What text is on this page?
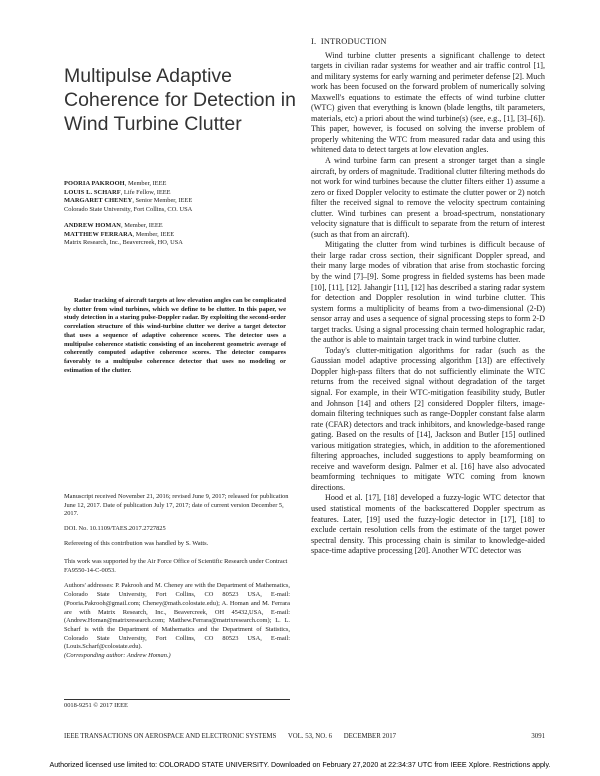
Multipulse Adaptive
Coherence for Detection in
Wind Turbine Clutter
POORIA PAKROOH, Member, IEEE
LOUIS L. SCHARF, Life Fellow, IEEE
MARGARET CHENEY, Senior Member, IEEE
Colorado State University, Fort Collins, CO. USA
ANDREW HOMAN, Member, IEEE
MATTHEW FERRARA, Member, IEEE
Matrix Research, Inc., Beavercreek, HO, USA

Radar tracking of aircraft targets at low elevation angles can be complicated by clutter from wind turbines, which we define to be clutter. In this paper, we study detection in a staring pulse-Doppler radar. By exploiting the second-order correlation structure of this wind-turbine clutter we derive a target detector that uses a sequence of adaptive coherence scores. The detector uses a multipulse coherence statistic consisting of an incoherent geometric average of coherently computed adaptive coherence scores. The detector compares favorably to a multipulse coherence detector that uses no modeling or estimation of the clutter.

Manuscript received November 21, 2016; revised June 9, 2017; released for publication June 12, 2017. Date of publication July 17, 2017; date of current version December 5, 2017.

DOI. No. 10.1109/TAES.2017.2727825

Refereeing of this contribution was handled by S. Watts.

This work was supported by the Air Force Office of Scientific Research under Contract FA9550-14-C-0053.

Authors' addresses: P. Pakrooh and M. Cheney are with the Department of Mathematics, Colorado State University, Fort Collins, CO 80523 USA, E-mail: (Pooria.Pakrooh@gmail.com; Cheney@math.colostate.edu); A. Homan and M. Ferrara are with Matrix Research, Inc., Beavercreek, OH 45432,USA, E-mail: (Andrew.Homan@matrixresearch.com; Matthew.Ferrara@matrixresearch.com); L. L. Scharf is with the Department of Mathematics and the Department of Statistics, Colorado State University, Fort Collins, CO 80523 USA, E-mail: (Louis.Scharf@colostate.edu).

(Corresponding author: Andrew Homan.)

0018-9251 © 2017 IEEE
I. INTRODUCTION

Wind turbine clutter presents a significant challenge to detect targets in civilian radar systems for weather and air traffic control [1], and military systems for early warning and perimeter defense [2]. Much work has been focused on the forward problem of numerically solving Maxwell's equations to estimate the effects of wind turbine clutter (WTC) given that everything is known (blade lengths, tilt parameters, materials, etc) a priori about the wind turbine(s) (see, e.g., [1], [3]–[6]). This paper, however, is focused on solving the inverse problem of properly whitening the WTC from measured radar data and using this whitened data to detect targets at low elevation angles.

A wind turbine farm can present a stronger target than a single aircraft, by orders of magnitude. Traditional clutter filtering methods do not work for wind turbines because the clutter filters either 1) assume a zero or fixed Doppler velocity to estimate the clutter power or 2) notch filter the received signal to remove the velocity spectrum containing clutter. Wind turbines can present a broad-spectrum, nonstationary velocity signature that is difficult to separate from the return of interest (such as that from an aircraft).

Mitigating the clutter from wind turbines is difficult because of their large radar cross section, their significant Doppler spread, and their many large modes of vibration that arise from stochastic forcing by the wind [7]–[9]. Some progress in fielded systems has been made [10], [11], [12]. Jahangir [11], [12] has described a staring radar system for detection and Doppler resolution in wind turbine clutter. This system forms a multiplicity of beams from a two-dimensional (2-D) sensor array and uses a sequence of signal processing steps to form 2-D target tracks. Using a signal processing chain termed holographic radar, the author is able to maintain target track in wind turbine clutter.

Today's clutter-mitigation algorithms for radar (such as the Gaussian model adaptive processing algorithm [13]) are effectively Doppler high-pass filters that do not sufficiently eliminate the WTC returns from the received signal without degradation of the target signal. For example, in their WTC-mitigation feasibility study, Butler and Johnson [14] and others [2] considered Doppler filters, image-domain filtering techniques such as range-Doppler constant false alarm rate (CFAR) detectors and track inhibitors, and knowledge-based range gating. Based on the results of [14], Jackson and Butler [15] outlined various mitigation strategies, which, in addition to the aforementioned filtering approaches, included suggestions to apply beamforming on receive and waveform design. Palmer et al. [16] have also advocated beamforming techniques to mitigate WTC coming from known directions.

Hood et al. [17], [18] developed a fuzzy-logic WTC detector that used statistical moments of the backscattered Doppler spectrum as features. Later, [19] used the fuzzy-logic detector in [17], [18] to exclude certain resolution cells from the estimate of the target power spectral density. This processing chain is similar to knowledge-aided space-time adaptive processing [20]. Another WTC detector was

IEEE TRANSACTIONS ON AEROSPACE AND ELECTRONIC SYSTEMS VOL. 53, NO. 6 DECEMBER 2017	3091
Authorized licensed use limited to: COLORADO STATE UNIVERSITY. Downloaded on February 27,2020 at 22:34:37 UTC from IEEE Xplore. Restrictions apply.
